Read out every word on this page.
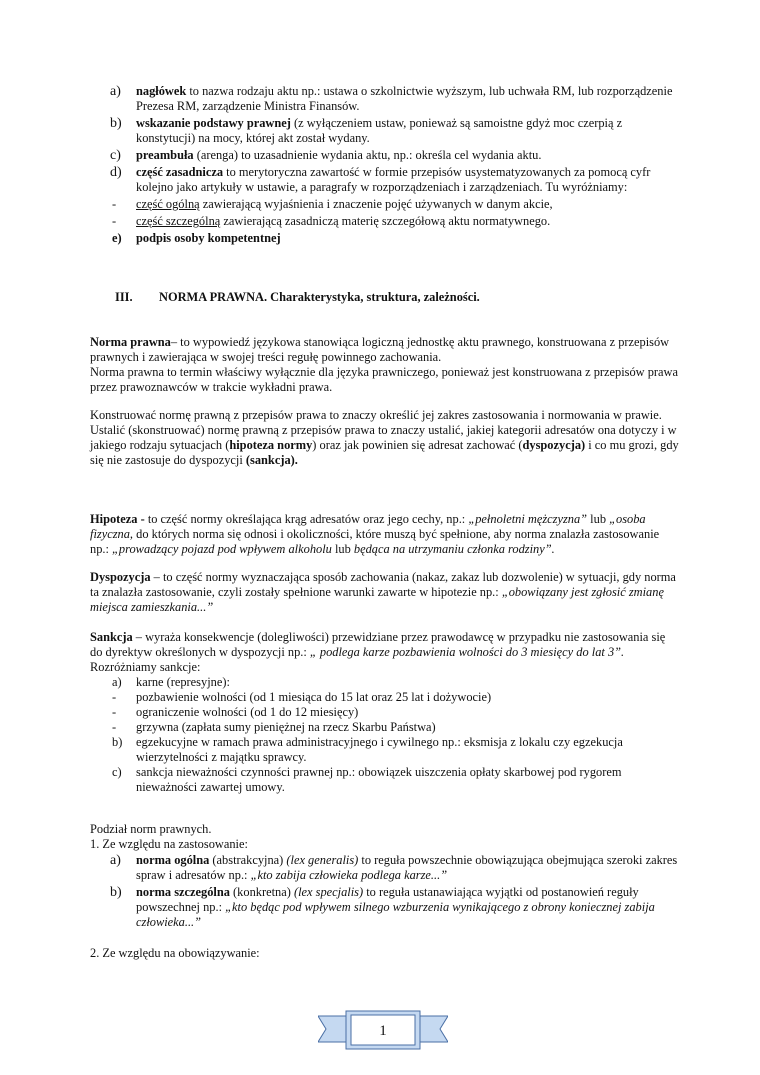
a) nagłówek to nazwa rodzaju aktu np.: ustawa o szkolnictwie wyższym, lub uchwała RM, lub rozporządzenie Prezesa RM, zarządzenie Ministra Finansów.
b) wskazanie podstawy prawnej (z wyłączeniem ustaw, ponieważ są samoistne gdyż moc czerpią z konstytucji) na mocy, której akt został wydany.
c) preambuła (arenga) to uzasadnienie wydania aktu, np.: określa cel wydania aktu.
d) część zasadnicza to merytoryczna zawartość w formie przepisów usystematyzowanych za pomocą cyfr kolejno jako artykuły w ustawie, a paragrafy w rozporządzeniach i zarządzeniach. Tu wyróżniamy:
- część ogólną zawierającą wyjaśnienia i znaczenie pojęć używanych w danym akcie,
- część szczególną zawierającą zasadniczą materię szczegółową aktu normatywnego.
e) podpis osoby kompetentnej
III. NORMA PRAWNA. Charakterystyka, struktura, zależności.

Norma prawna– to wypowiedź językowa stanowiąca logiczną jednostkę aktu prawnego, konstruowana z przepisów prawnych i zawierająca w swojej treści regułę powinnego zachowania.

Norma prawna to termin właściwy wyłącznie dla języka prawniczego, ponieważ jest konstruowana z przepisów prawa przez prawoznawców w trakcie wykładni prawa.

Konstruować normę prawną z przepisów prawa to znaczy określić jej zakres zastosowania i normowania w prawie.

Ustalić (skonstruować) normę prawną z przepisów prawa to znaczy ustalić, jakiej kategorii adresatów ona dotyczy i w jakiego rodzaju sytuacjach (hipoteza normy) oraz jak powinien się adresat zachować (dyspozycja) i co mu grozi, gdy się nie zastosuje do dyspozycji (sankcja).

Hipoteza - to część normy określająca krąg adresatów oraz jego cechy, np.: „pełnoletni mężczyzna” lub „osoba fizyczna, do których norma się odnosi i okoliczności, które muszą być spełnione, aby norma znalazła zastosowanie np.: „prowadzący pojazd pod wpływem alkoholu lub będąca na utrzymaniu członka rodziny”.

Dyspozycja – to część normy wyznaczająca sposób zachowania (nakaz, zakaz lub dozwolenie) w sytuacji, gdy norma ta znalazła zastosowanie, czyli zostały spełnione warunki zawarte w hipotezie np.: „obowiązany jest zgłosić zmianę miejsca zamieszkania...”

Sankcja – wyraża konsekwencje (dolegliwości) przewidziane przez prawodawcę w przypadku nie zastosowania się do dyrektyw określonych w dyspozycji np.: „ podlega karze pozbawienia wolności do 3 miesięcy do lat 3”.

Rozróżniamy sankcje:

a) karne (represyjne):
- pozbawienie wolności (od 1 miesiąca do 15 lat oraz 25 lat i dożywocie)
- ograniczenie wolności (od 1 do 12 miesięcy)
- grzywna (zapłata sumy pieniężnej na rzecz Skarbu Państwa)
b) egzekucyjne w ramach prawa administracyjnego i cywilnego np.: eksmisja z lokalu czy egzekucja wierzytelności z majątku sprawcy.
c) sankcja nieważności czynności prawnej np.: obowiązek uiszczenia opłaty skarbowej pod rygorem nieważności zawartej umowy.

Podział norm prawnych.

1. Ze względu na zastosowanie:

a) norma ogólna (abstrakcyjna) (lex generalis) to reguła powszechnie obowiązująca obejmująca szeroki zakres spraw i adresatów np.: „kto zabija człowieka podlega karze...”
b) norma szczególna (konkretna) (lex specjalis) to reguła ustanawiająca wyjątki od postanowień reguły powszechnej np.: „kto będąc pod wpływem silnego wzburzenia wynikającego z obrony koniecznej zabija człowieka...”

2. Ze względu na obowiązywanie:

1
